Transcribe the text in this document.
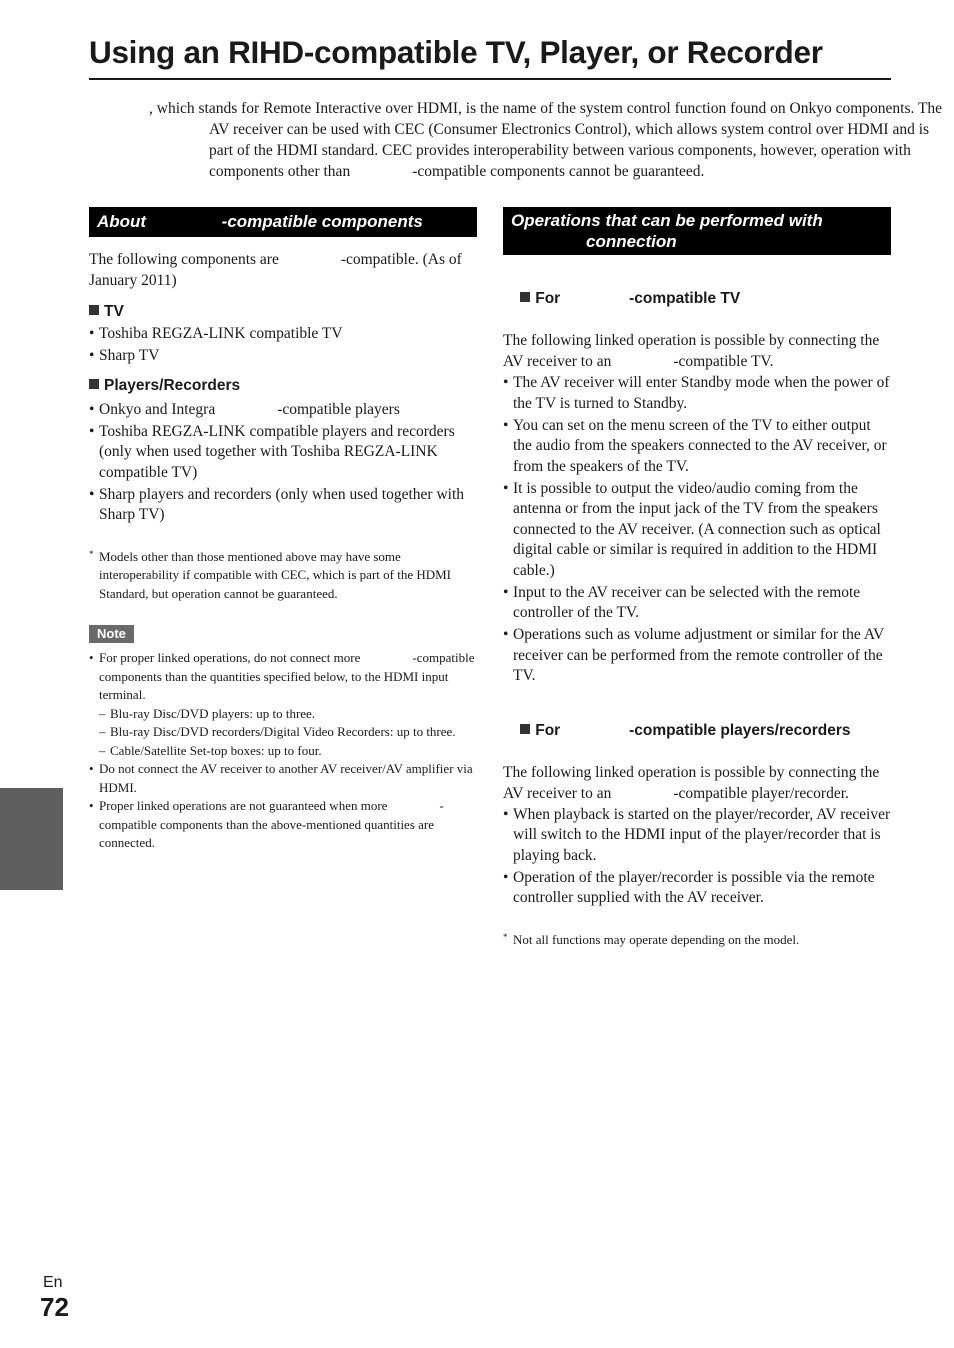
Using an RIHD-compatible TV, Player, or Recorder

, which stands for Remote Interactive over HDMI, is the name of the system control function found on Onkyo components. The AV receiver can be used with CEC (Consumer Electronics Control), which allows system control over HDMI and is part of the HDMI standard. CEC provides interoperability between various components, however, operation with components other than                -compatible components cannot be guaranteed.

About                -compatible components

The following components are                -compatible. (As of January 2011)

TV

• Toshiba REGZA-LINK compatible TV
• Sharp TV

Players/Recorders

• Onkyo and Integra                -compatible players
• Toshiba REGZA-LINK compatible players and recorders (only when used together with Toshiba REGZA-LINK compatible TV)
• Sharp players and recorders (only when used together with Sharp TV)

* Models other than those mentioned above may have some interoperability if compatible with CEC, which is part of the HDMI Standard, but operation cannot be guaranteed.

Note
• For proper linked operations, do not connect more                -compatible components than the quantities specified below, to the HDMI input terminal.
– Blu-ray Disc/DVD players: up to three.
– Blu-ray Disc/DVD recorders/Digital Video Recorders: up to three.
– Cable/Satellite Set-top boxes: up to four.
• Do not connect the AV receiver to another AV receiver/AV amplifier via HDMI.
• Proper linked operations are not guaranteed when more                -compatible components than the above-mentioned quantities are connected.
Operations that can be performed with
connection

For                -compatible TV

The following linked operation is possible by connecting the AV receiver to an                -compatible TV.

• The AV receiver will enter Standby mode when the power of the TV is turned to Standby.
• You can set on the menu screen of the TV to either output the audio from the speakers connected to the AV receiver, or from the speakers of the TV.
• It is possible to output the video/audio coming from the antenna or from the input jack of the TV from the speakers connected to the AV receiver. (A connection such as optical digital cable or similar is required in addition to the HDMI cable.)
• Input to the AV receiver can be selected with the remote controller of the TV.
• Operations such as volume adjustment or similar for the AV receiver can be performed from the remote controller of the TV.

For                -compatible players/recorders

The following linked operation is possible by connecting the AV receiver to an                -compatible player/recorder.

• When playback is started on the player/recorder, AV receiver will switch to the HDMI input of the player/recorder that is playing back.
• Operation of the player/recorder is possible via the remote controller supplied with the AV receiver.

* Not all functions may operate depending on the model.

En
72
